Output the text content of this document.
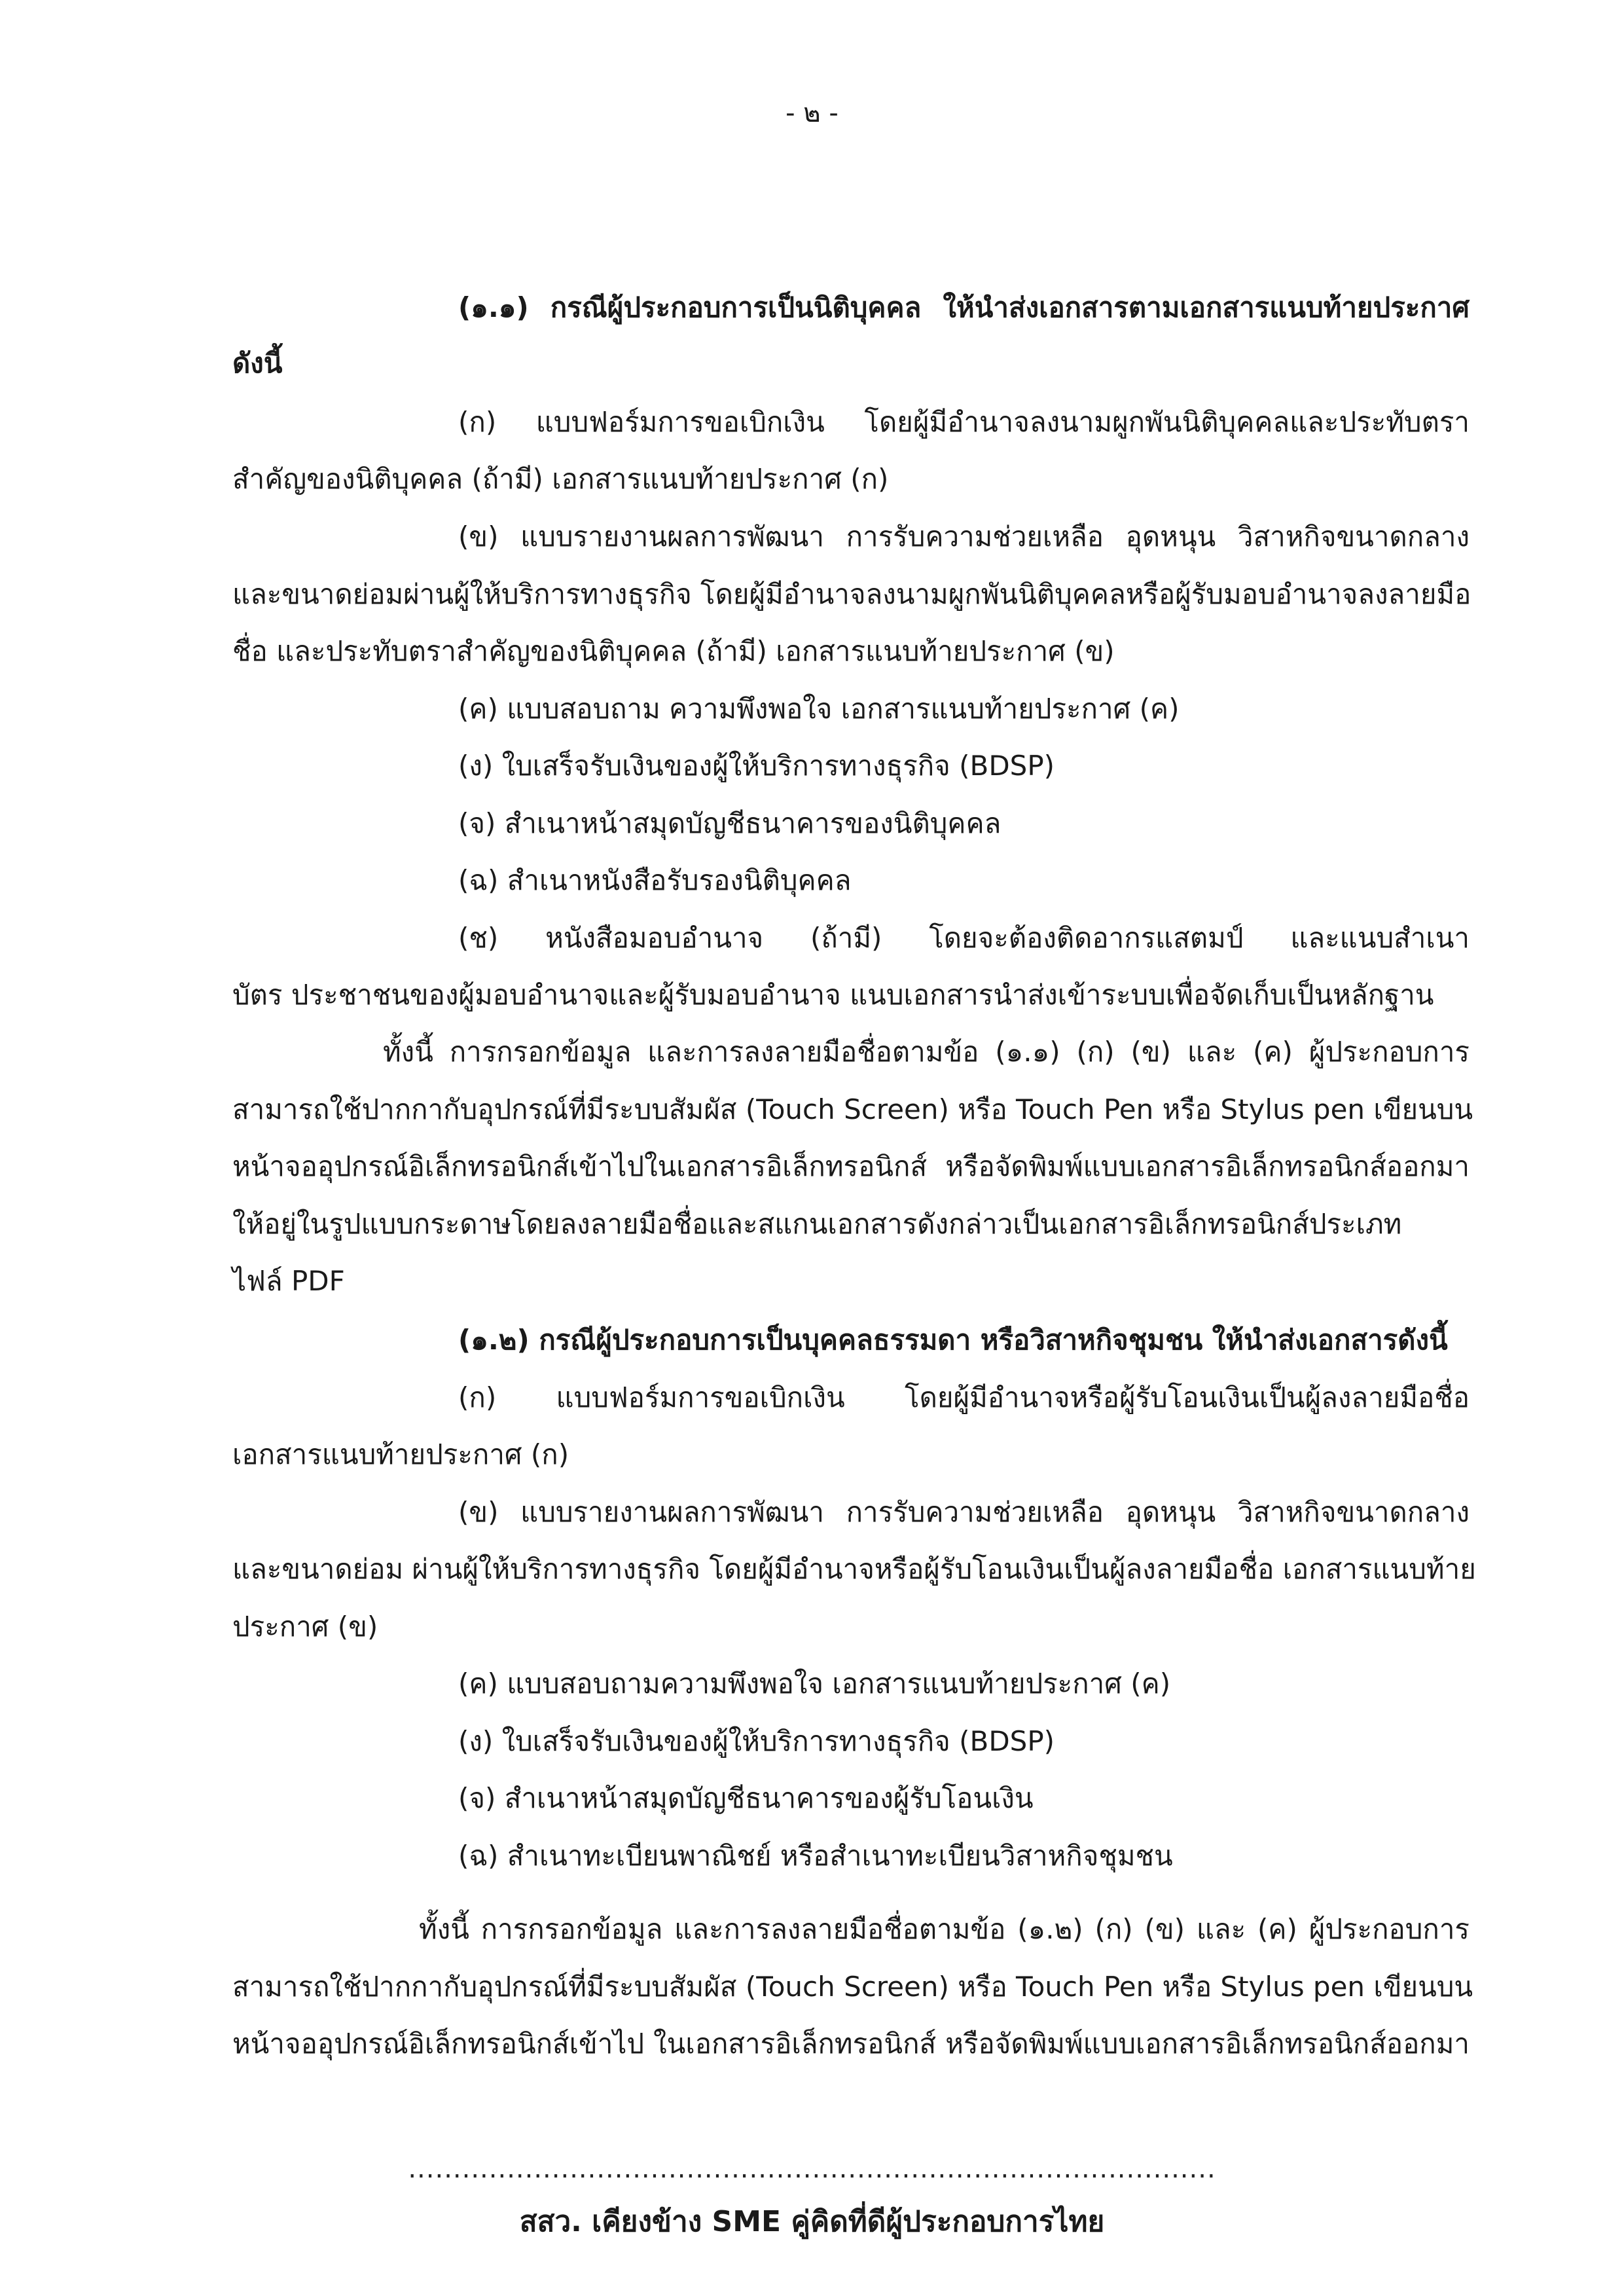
- ๒ -
(๑.๑) กรณีผู้ประกอบการเป็นนิติบุคคล ให้นำส่งเอกสารตามเอกสารแนบท้ายประกาศ
ดังนี้
(ก) แบบฟอร์มการขอเบิกเงิน โดยผู้มีอำนาจลงนามผูกพันนิติบุคคลและประทับตรา
สำคัญของนิติบุคคล (ถ้ามี) เอกสารแนบท้ายประกาศ (ก)
(ข) แบบรายงานผลการพัฒนา การรับความช่วยเหลือ อุดหนุน วิสาหกิจขนาดกลาง
และขนาดย่อมผ่านผู้ให้บริการทางธุรกิจ โดยผู้มีอำนาจลงนามผูกพันนิติบุคคลหรือผู้รับมอบอำนาจลงลายมือ
ชื่อ และประทับตราสำคัญของนิติบุคคล (ถ้ามี) เอกสารแนบท้ายประกาศ (ข)
(ค) แบบสอบถาม ความพึงพอใจ เอกสารแนบท้ายประกาศ (ค)
(ง) ใบเสร็จรับเงินของผู้ให้บริการทางธุรกิจ (BDSP)
(จ) สำเนาหน้าสมุดบัญชีธนาคารของนิติบุคคล
(ฉ) สำเนาหนังสือรับรองนิติบุคคล
(ช) หนังสือมอบอำนาจ (ถ้ามี) โดยจะต้องติดอากรแสตมป์ และแนบสำเนา
บัตร ประชาชนของผู้มอบอำนาจและผู้รับมอบอำนาจ แนบเอกสารนำส่งเข้าระบบเพื่อจัดเก็บเป็นหลักฐาน
ทั้งนี้ การกรอกข้อมูล และการลงลายมือชื่อตามข้อ (๑.๑) (ก) (ข) และ (ค) ผู้ประกอบการ
สามารถใช้ปากกากับอุปกรณ์ที่มีระบบสัมผัส (Touch Screen) หรือ Touch Pen หรือ Stylus pen เขียนบน
หน้าจออุปกรณ์อิเล็กทรอนิกส์เข้าไปในเอกสารอิเล็กทรอนิกส์ หรือจัดพิมพ์แบบเอกสารอิเล็กทรอนิกส์ออกมา
ให้อยู่ในรูปแบบกระดาษโดยลงลายมือชื่อและสแกนเอกสารดังกล่าวเป็นเอกสารอิเล็กทรอนิกส์ประเภท
ไฟล์ PDF
(๑.๒) กรณีผู้ประกอบการเป็นบุคคลธรรมดา หรือวิสาหกิจชุมชน ให้นำส่งเอกสารดังนี้
(ก) แบบฟอร์มการขอเบิกเงิน โดยผู้มีอำนาจหรือผู้รับโอนเงินเป็นผู้ลงลายมือชื่อ
เอกสารแนบท้ายประกาศ (ก)
(ข) แบบรายงานผลการพัฒนา การรับความช่วยเหลือ อุดหนุน วิสาหกิจขนาดกลาง
และขนาดย่อม ผ่านผู้ให้บริการทางธุรกิจ โดยผู้มีอำนาจหรือผู้รับโอนเงินเป็นผู้ลงลายมือชื่อ เอกสารแนบท้าย
ประกาศ (ข)
(ค) แบบสอบถามความพึงพอใจ เอกสารแนบท้ายประกาศ (ค)
(ง) ใบเสร็จรับเงินของผู้ให้บริการทางธุรกิจ (BDSP)
(จ) สำเนาหน้าสมุดบัญชีธนาคารของผู้รับโอนเงิน
(ฉ) สำเนาทะเบียนพาณิชย์ หรือสำเนาทะเบียนวิสาหกิจชุมชน
ทั้งนี้ การกรอกข้อมูล และการลงลายมือชื่อตามข้อ (๑.๒) (ก) (ข) และ (ค) ผู้ประกอบการ
สามารถใช้ปากกากับอุปกรณ์ที่มีระบบสัมผัส (Touch Screen) หรือ Touch Pen หรือ Stylus pen เขียนบน
หน้าจออุปกรณ์อิเล็กทรอนิกส์เข้าไป ในเอกสารอิเล็กทรอนิกส์ หรือจัดพิมพ์แบบเอกสารอิเล็กทรอนิกส์ออกมา
..........................................................................................
สสว. เคียงข้าง SME คู่คิดที่ดีผู้ประกอบการไทย
